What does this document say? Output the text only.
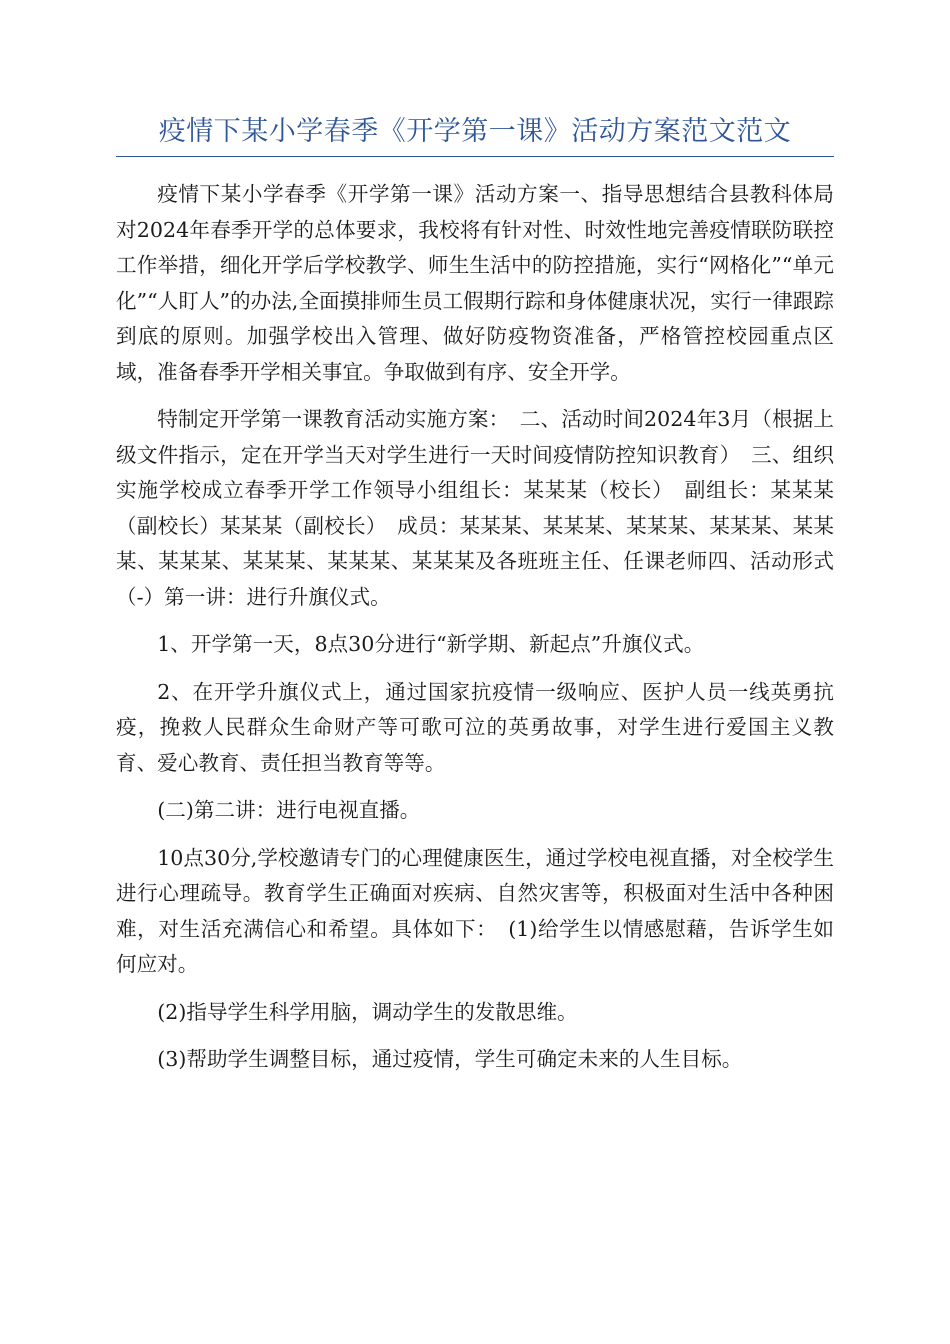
疫情下某小学春季《开学第一课》活动方案范文范文

疫情下某小学春季《开学第一课》活动方案一、指导思想结合县教科体局对2024年春季开学的总体要求，我校将有针对性、时效性地完善疫情联防联控工作举措，细化开学后学校教学、师生生活中的防控措施，实行“网格化”“单元化”“人盯人”的办法,全面摸排师生员工假期行踪和身体健康状况，实行一律跟踪到底的原则。加强学校出入管理、做好防疫物资准备，严格管控校园重点区域，准备春季开学相关事宜。争取做到有序、安全开学。

特制定开学第一课教育活动实施方案：　二、活动时间2024年3月（根据上级文件指示，定在开学当天对学生进行一天时间疫情防控知识教育）　三、组织实施学校成立春季开学工作领导小组组长：某某某（校长）　副组长：某某某（副校长）某某某（副校长）　成员：某某某、某某某、某某某、某某某、某某某、某某某、某某某、某某某、某某某及各班班主任、任课老师四、活动形式（-）第一讲：进行升旗仪式。

1、开学第一天，8点30分进行“新学期、新起点”升旗仪式。

2、在开学升旗仪式上，通过国家抗疫情一级响应、医护人员一线英勇抗疫，挽救人民群众生命财产等可歌可泣的英勇故事，对学生进行爱国主义教育、爱心教育、责任担当教育等等。

(二)第二讲：进行电视直播。

10点30分,学校邀请专门的心理健康医生，通过学校电视直播，对全校学生进行心理疏导。教育学生正确面对疾病、自然灾害等，积极面对生活中各种困难，对生活充满信心和希望。具体如下：　(1)给学生以情感慰藉，告诉学生如何应对。

(2)指导学生科学用脑，调动学生的发散思维。

(3)帮助学生调整目标，通过疫情，学生可确定未来的人生目标。
